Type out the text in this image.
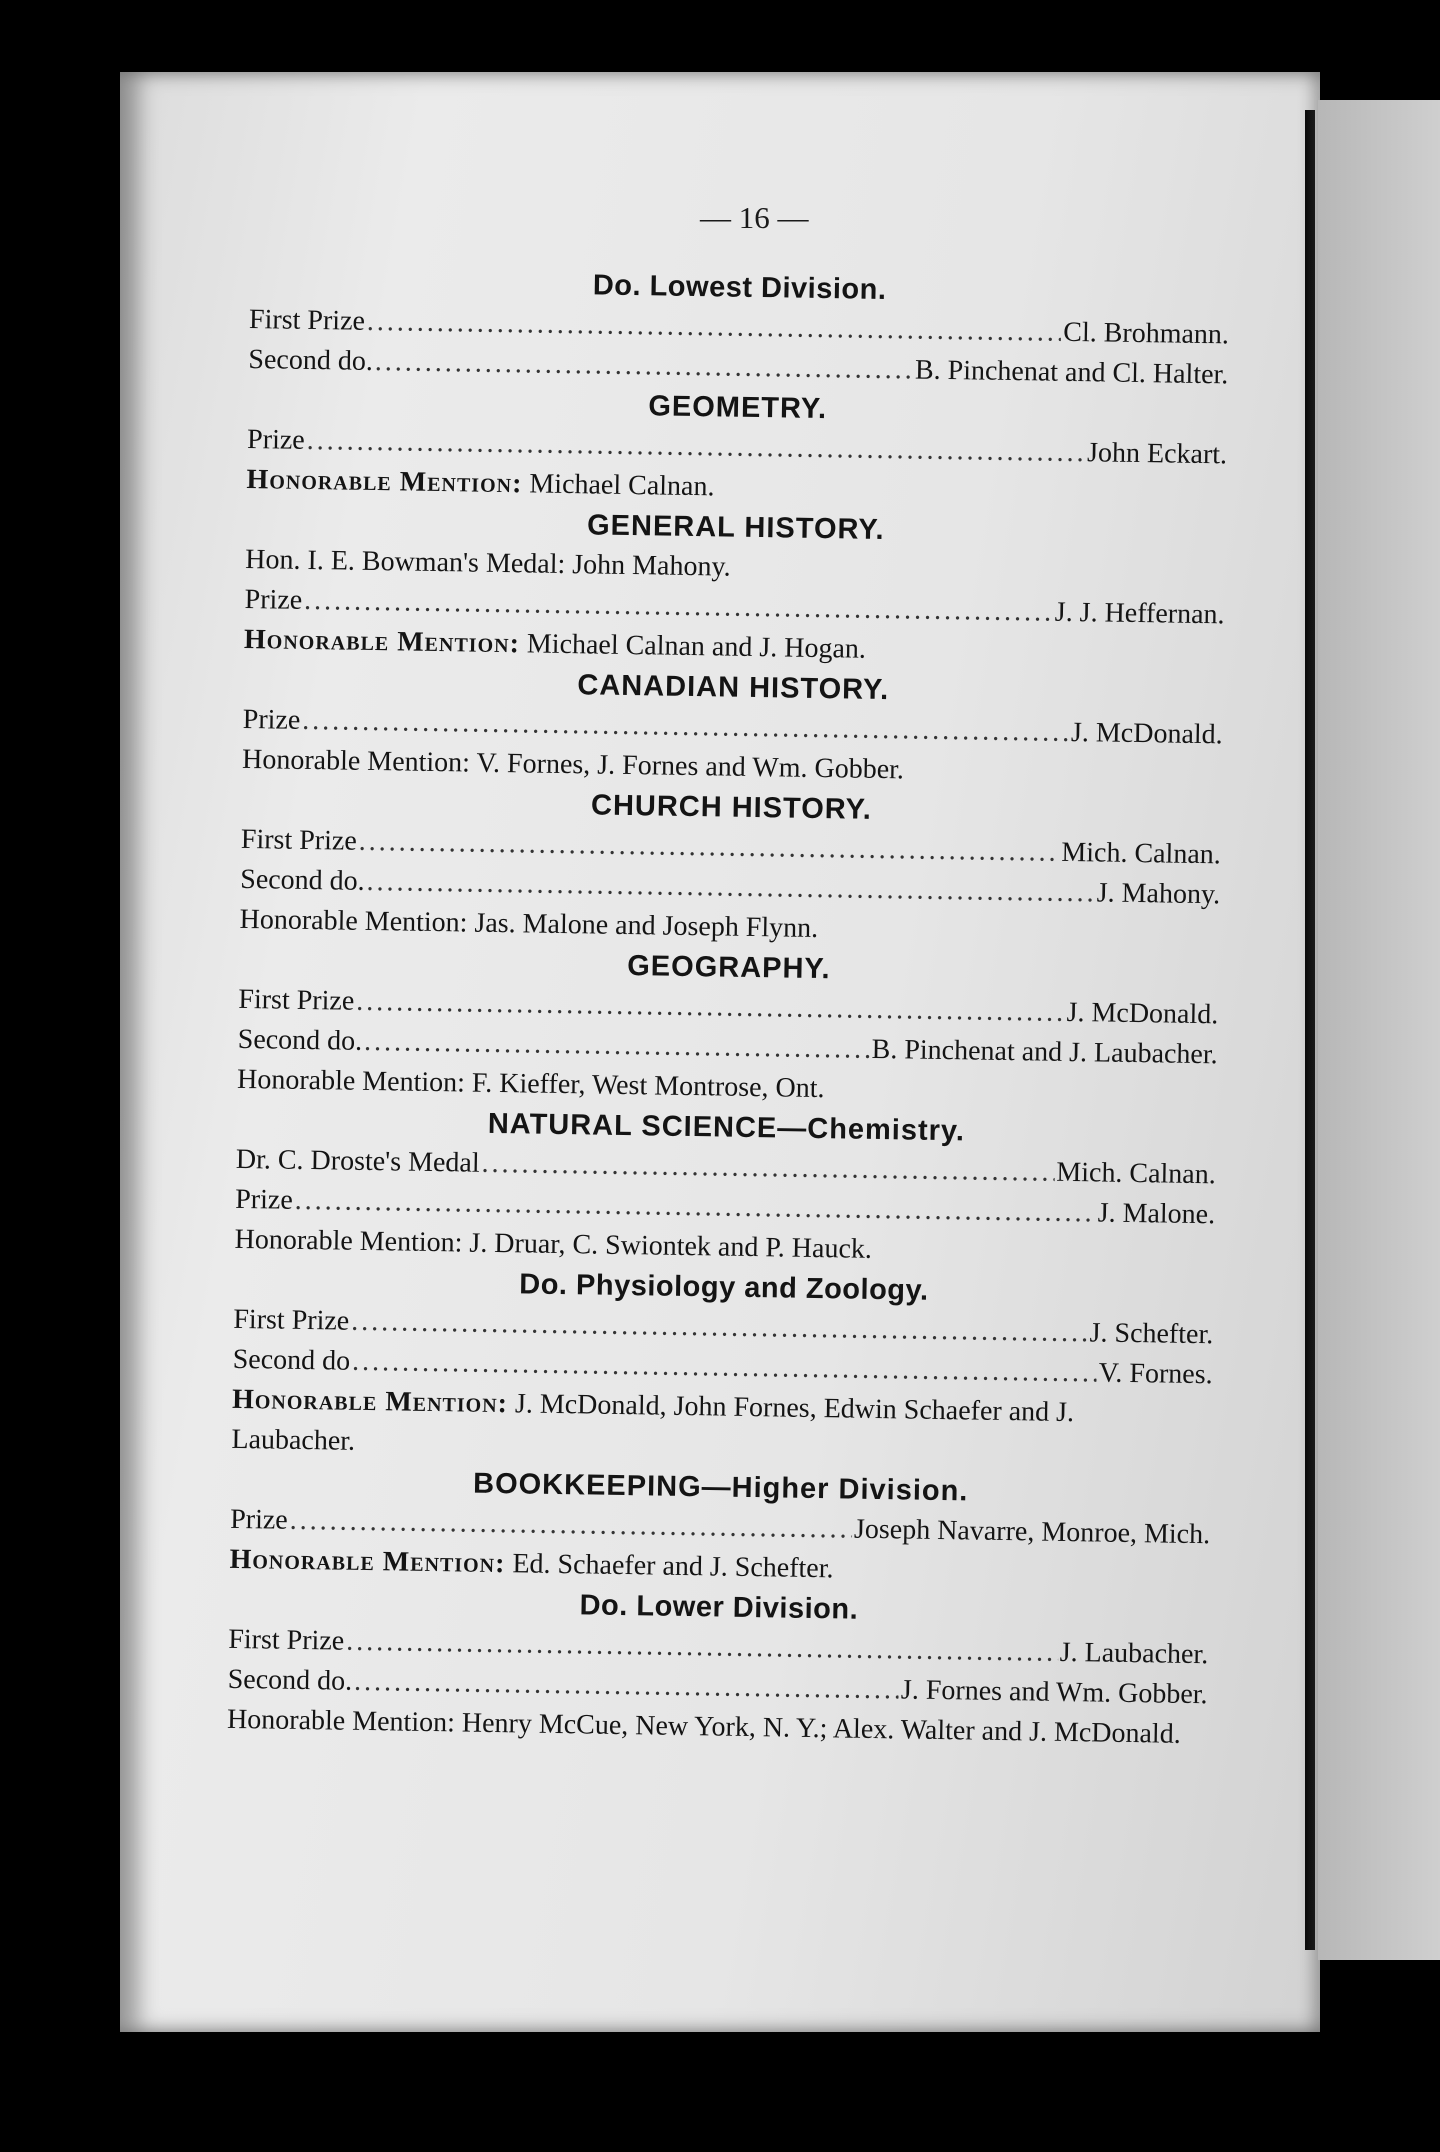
— 16 —
Do. Lowest Division.
First Prize .....	Cl. Brohmann.
Second do. .....	B. Pinchenat and Cl. Halter.
GEOMETRY.
Prize .....	John Eckart.
Honorable Mention: Michael Calnan.
GENERAL HISTORY.
Hon. I. E. Bowman's Medal: John Mahony.
Prize .....	J. J. Heffernan.
Honorable Mention: Michael Calnan and J. Hogan.
CANADIAN HISTORY.
Prize .....	J. McDonald.
Honorable Mention: V. Fornes, J. Fornes and Wm. Gobber.
CHURCH HISTORY.
First Prize .....	Mich. Calnan.
Second do. .....	J. Mahony.
Honorable Mention: Jas. Malone and Joseph Flynn.
GEOGRAPHY.
First Prize .....	J. McDonald.
Second do. .....	B. Pinchenat and J. Laubacher.
Honorable Mention: F. Kieffer, West Montrose, Ont.
NATURAL SCIENCE—Chemistry.
Dr. C. Droste's Medal .....	Mich. Calnan.
Prize .....	J. Malone.
Honorable Mention: J. Druar, C. Swiontek and P. Hauck.
Do. Physiology and Zoology.
First Prize .....	J. Schefter.
Second do .....	V. Fornes.
Honorable Mention: J. McDonald, John Fornes, Edwin Schaefer and J. Laubacher.
BOOKKEEPING—Higher Division.
Prize .....	Joseph Navarre, Monroe, Mich.
Honorable Mention: Ed. Schaefer and J. Schefter.
Do. Lower Division.
First Prize .....	J. Laubacher.
Second do. .....	J. Fornes and Wm. Gobber.
Honorable Mention: Henry McCue, New York, N. Y.; Alex. Walter and J. McDonald.
